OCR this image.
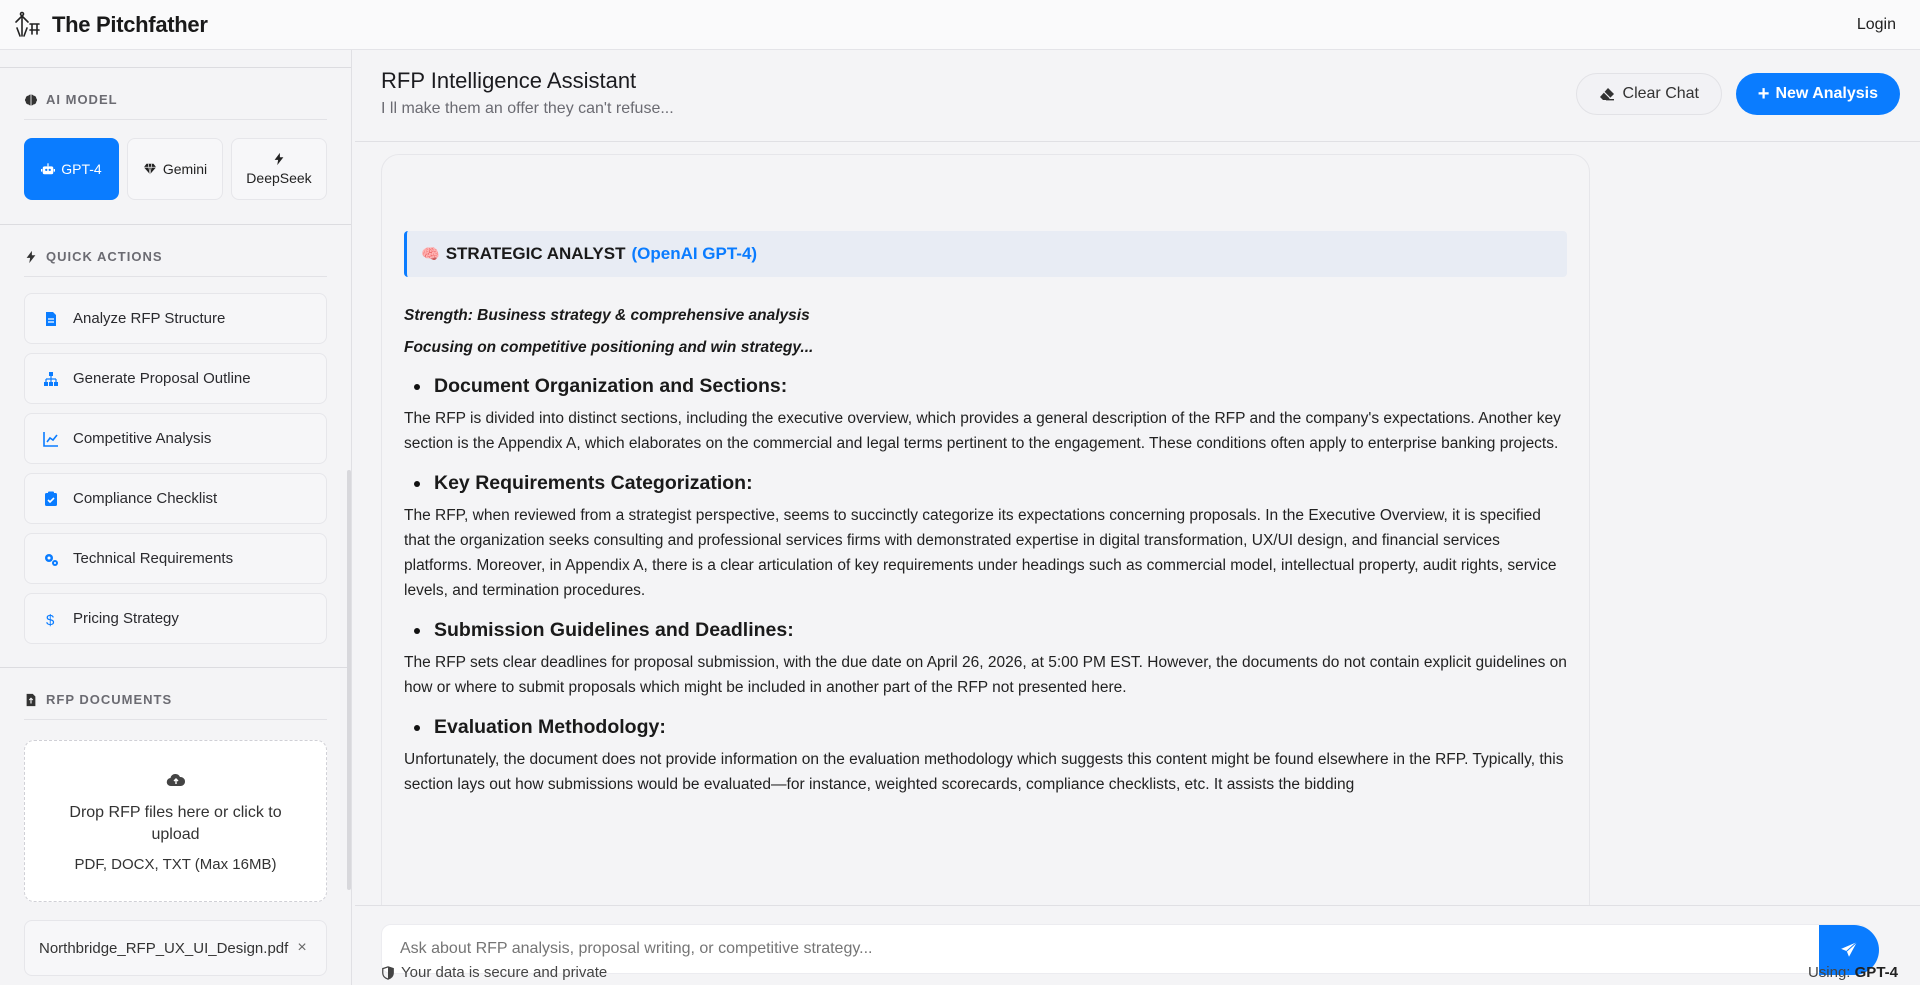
The Pitchfather	Login
AI MODEL
GPT-4	Gemini
DeepSeek
QUICK ACTIONS
Analyze RFP Structure
Generate Proposal Outline
Competitive Analysis
Compliance Checklist
Technical Requirements
$ Pricing Strategy
RFP DOCUMENTS
Drop RFP files here or click to upload
PDF, DOCX, TXT (Max 16MB)
Northbridge_RFP_UX_UI_Design.pdf ×
RFP Intelligence Assistant
I ll make them an offer they can't refuse...
Clear Chat	+ New Analysis
🧠 STRATEGIC ANALYST (OpenAI GPT-4)
Strength: Business strategy & comprehensive analysis
Focusing on competitive positioning and win strategy...
Document Organization and Sections:
The RFP is divided into distinct sections, including the executive overview, which provides a general description of the RFP and the company's expectations. Another key section is the Appendix A, which elaborates on the commercial and legal terms pertinent to the engagement. These conditions often apply to enterprise banking projects.
Key Requirements Categorization:
The RFP, when reviewed from a strategist perspective, seems to succinctly categorize its expectations concerning proposals. In the Executive Overview, it is specified that the organization seeks consulting and professional services firms with demonstrated expertise in digital transformation, UX/UI design, and financial services platforms. Moreover, in Appendix A, there is a clear articulation of key requirements under headings such as commercial model, intellectual property, audit rights, service levels, and termination procedures.
Submission Guidelines and Deadlines:
The RFP sets clear deadlines for proposal submission, with the due date on April 26, 2026, at 5:00 PM EST. However, the documents do not contain explicit guidelines on how or where to submit proposals which might be included in another part of the RFP not presented here.
Evaluation Methodology:
Unfortunately, the document does not provide information on the evaluation methodology which suggests this content might be found elsewhere in the RFP. Typically, this section lays out how submissions would be evaluated—for instance, weighted scorecards, compliance checklists, etc. It assists the bidding
Ask about RFP analysis, proposal writing, or competitive strategy...
Your data is secure and private	Using: GPT-4
